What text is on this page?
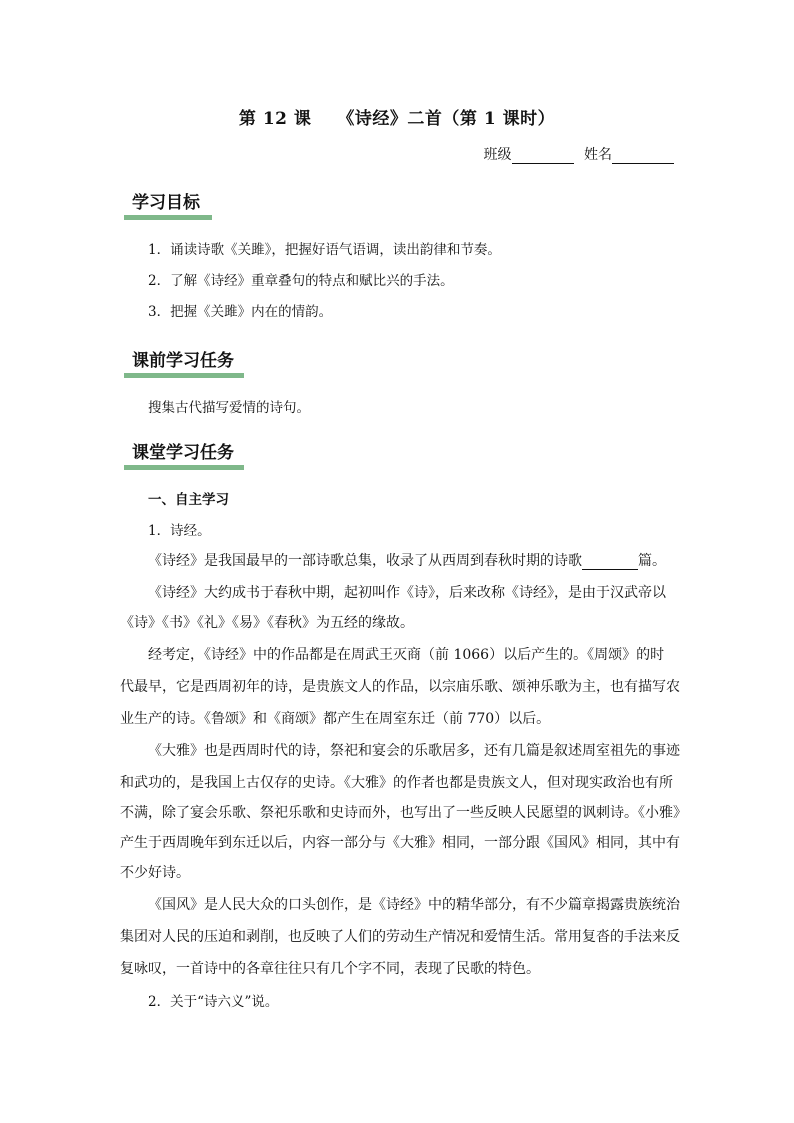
第 12 课 《诗经》二首（第 1 课时）
班级	姓名
学习目标
1．诵读诗歌《关雎》，把握好语气语调，读出韵律和节奏。
2．了解《诗经》重章叠句的特点和赋比兴的手法。
3．把握《关雎》内在的情韵。
课前学习任务
搜集古代描写爱情的诗句。
课堂学习任务
一、自主学习
1．诗经。
《诗经》是我国最早的一部诗歌总集，收录了从西周到春秋时期的诗歌	篇。
《诗经》大约成书于春秋中期，起初叫作《诗》，后来改称《诗经》，是由于汉武帝以
《诗》《书》《礼》《易》《春秋》为五经的缘故。
经考定，《诗经》中的作品都是在周武王灭商（前 1066）以后产生的。《周颂》的时
代最早，它是西周初年的诗，是贵族文人的作品，以宗庙乐歌、颂神乐歌为主，也有描写农
业生产的诗。《鲁颂》和《商颂》都产生在周室东迁（前 770）以后。
《大雅》也是西周时代的诗，祭祀和宴会的乐歌居多，还有几篇是叙述周室祖先的事迹
和武功的，是我国上古仅存的史诗。《大雅》的作者也都是贵族文人，但对现实政治也有所
不满，除了宴会乐歌、祭祀乐歌和史诗而外，也写出了一些反映人民愿望的讽刺诗。《小雅》
产生于西周晚年到东迁以后，内容一部分与《大雅》相同，一部分跟《国风》相同，其中有
不少好诗。
《国风》是人民大众的口头创作，是《诗经》中的精华部分，有不少篇章揭露贵族统治
集团对人民的压迫和剥削，也反映了人们的劳动生产情况和爱情生活。常用复沓的手法来反
复咏叹，一首诗中的各章往往只有几个字不同，表现了民歌的特色。
2．关于“诗六义”说。
